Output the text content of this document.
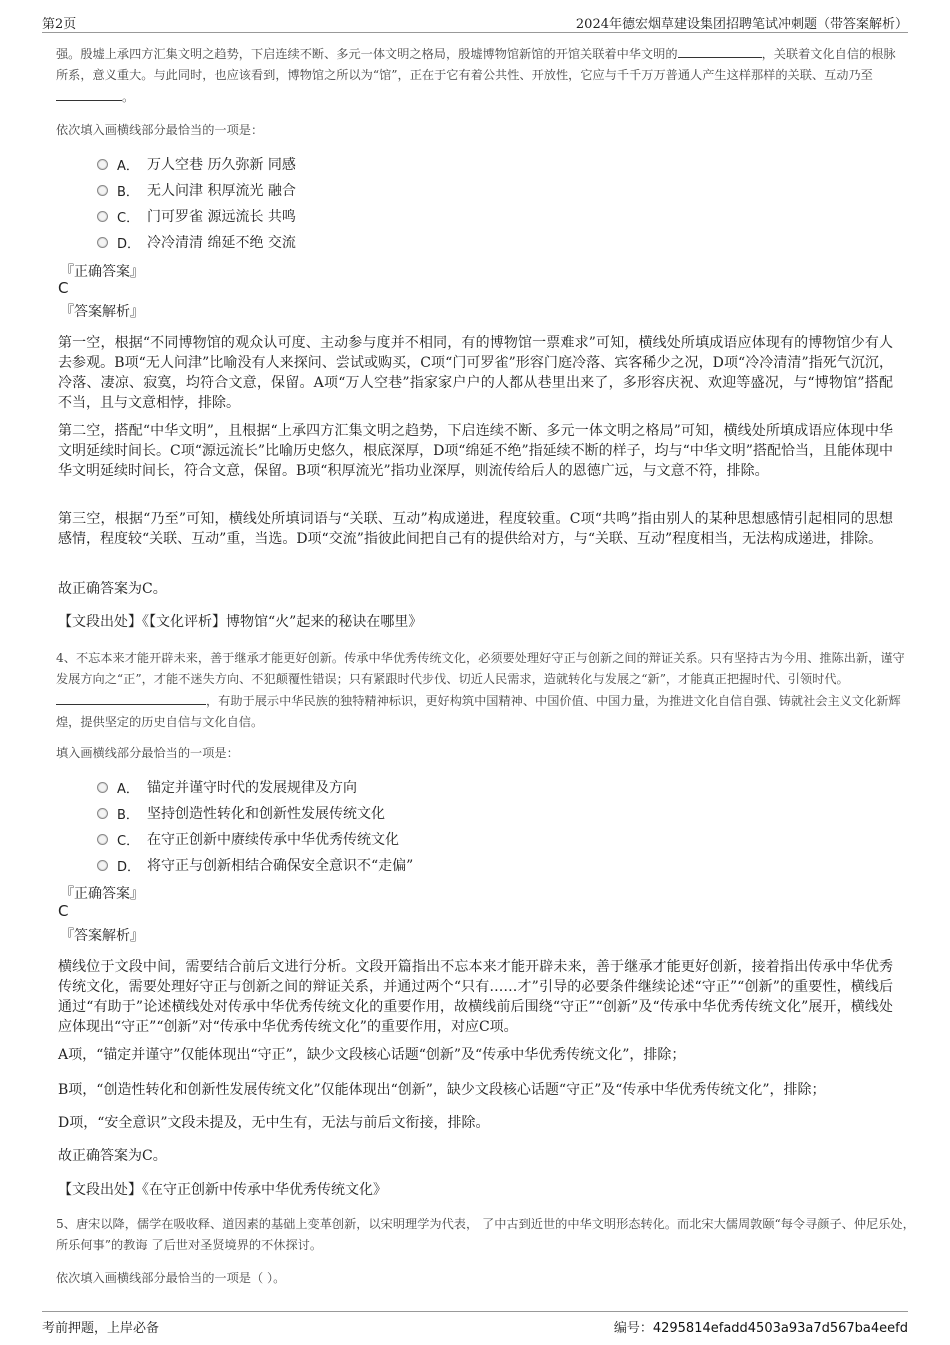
第2页	2024年德宏烟草建设集团招聘笔试冲刺题（带答案解析）
强。殷墟上承四方汇集文明之趋势，下启连续不断、多元一体文明之格局，殷墟博物馆新馆的开馆关联着中华文明的	，关联着文化自信的根脉所系，意义重大。与此同时，也应该看到，博物馆之所以为“馆”，正在于它有着公共性、开放性，它应与千千万万普通人产生这样那样的关联、互动乃至。
依次填入画横线部分最恰当的一项是：
A． 万人空巷 历久弥新 同感
B． 无人问津 积厚流光 融合
C． 门可罗雀 源远流长 共鸣
D． 冷冷清清 绵延不绝 交流
『正确答案』
C
『答案解析』
第一空，根据“不同博物馆的观众认可度、主动参与度并不相同，有的博物馆一票难求”可知，横线处所填成语应体现有的博物馆少有人去参观。B项“无人问津”比喻没有人来探问、尝试或购买，C项“门可罗雀”形容门庭冷落、宾客稀少之况，D项“冷冷清清”指死气沉沉，冷落、凄凉、寂寞，均符合文意，保留。A项“万人空巷”指家家户户的人都从巷里出来了，多形容庆祝、欢迎等盛况，与“博物馆”搭配不当，且与文意相悖，排除。
第二空，搭配“中华文明”，且根据“上承四方汇集文明之趋势，下启连续不断、多元一体文明之格局”可知，横线处所填成语应体现中华文明延续时间长。C项“源远流长”比喻历史悠久，根底深厚，D项“绵延不绝”指延续不断的样子，均与“中华文明”搭配恰当，且能体现中华文明延续时间长，符合文意，保留。B项“积厚流光”指功业深厚，则流传给后人的恩德广远，与文意不符，排除。
第三空，根据“乃至”可知，横线处所填词语与“关联、互动”构成递进，程度较重。C项“共鸣”指由别人的某种思想感情引起相同的思想感情，程度较“关联、互动”重，当选。D项“交流”指彼此间把自己有的提供给对方，与“关联、互动”程度相当，无法构成递进，排除。
故正确答案为C。
【文段出处】《【文化评析】博物馆“火”起来的秘诀在哪里》
4、不忘本来才能开辟未来，善于继承才能更好创新。传承中华优秀传统文化，必须要处理好守正与创新之间的辩证关系。只有坚持古为今用、推陈出新，谨守发展方向之“正”，才能不迷失方向、不犯颠覆性错误；只有紧跟时代步伐、切近人民需求，造就转化与发展之“新”，才能真正把握时代、引领时代。，有助于展示中华民族的独特精神标识，更好构筑中国精神、中国价值、中国力量，为推进文化自信自强、铸就社会主义文化新辉煌，提供坚定的历史自信与文化自信。
填入画横线部分最恰当的一项是：
A． 锚定并谨守时代的发展规律及方向
B． 坚持创造性转化和创新性发展传统文化
C． 在守正创新中赓续传承中华优秀传统文化
D． 将守正与创新相结合确保安全意识不“走偏”
『正确答案』
C
『答案解析』
横线位于文段中间，需要结合前后文进行分析。文段开篇指出不忘本来才能开辟未来，善于继承才能更好创新，接着指出传承中华优秀传统文化，需要处理好守正与创新之间的辩证关系，并通过两个“只有……才”引导的必要条件继续论述“守正”“创新”的重要性，横线后通过“有助于”论述横线处对传承中华优秀传统文化的重要作用，故横线前后围绕“守正”“创新”及“传承中华优秀传统文化”展开，横线处应体现出“守正”“创新”对“传承中华优秀传统文化”的重要作用，对应C项。
A项，“锚定并谨守”仅能体现出“守正”，缺少文段核心话题“创新”及“传承中华优秀传统文化”，排除；
B项，“创造性转化和创新性发展传统文化”仅能体现出“创新”，缺少文段核心话题“守正”及“传承中华优秀传统文化”，排除；
D项，“安全意识”文段未提及，无中生有，无法与前后文衔接，排除。
故正确答案为C。
【文段出处】《在守正创新中传承中华优秀传统文化》
5、唐宋以降，儒学在吸收释、道因素的基础上变革创新，以宋明理学为代表， 了中古到近世的中华文明形态转化。而北宋大儒周敦颐“每令寻颜子、仲尼乐处，所乐何事”的教诲 了后世对圣贤境界的不休探讨。
依次填入画横线部分最恰当的一项是（ ）。
考前押题，上岸必备	编号：4295814efadd4503a93a7d567ba4eefd
